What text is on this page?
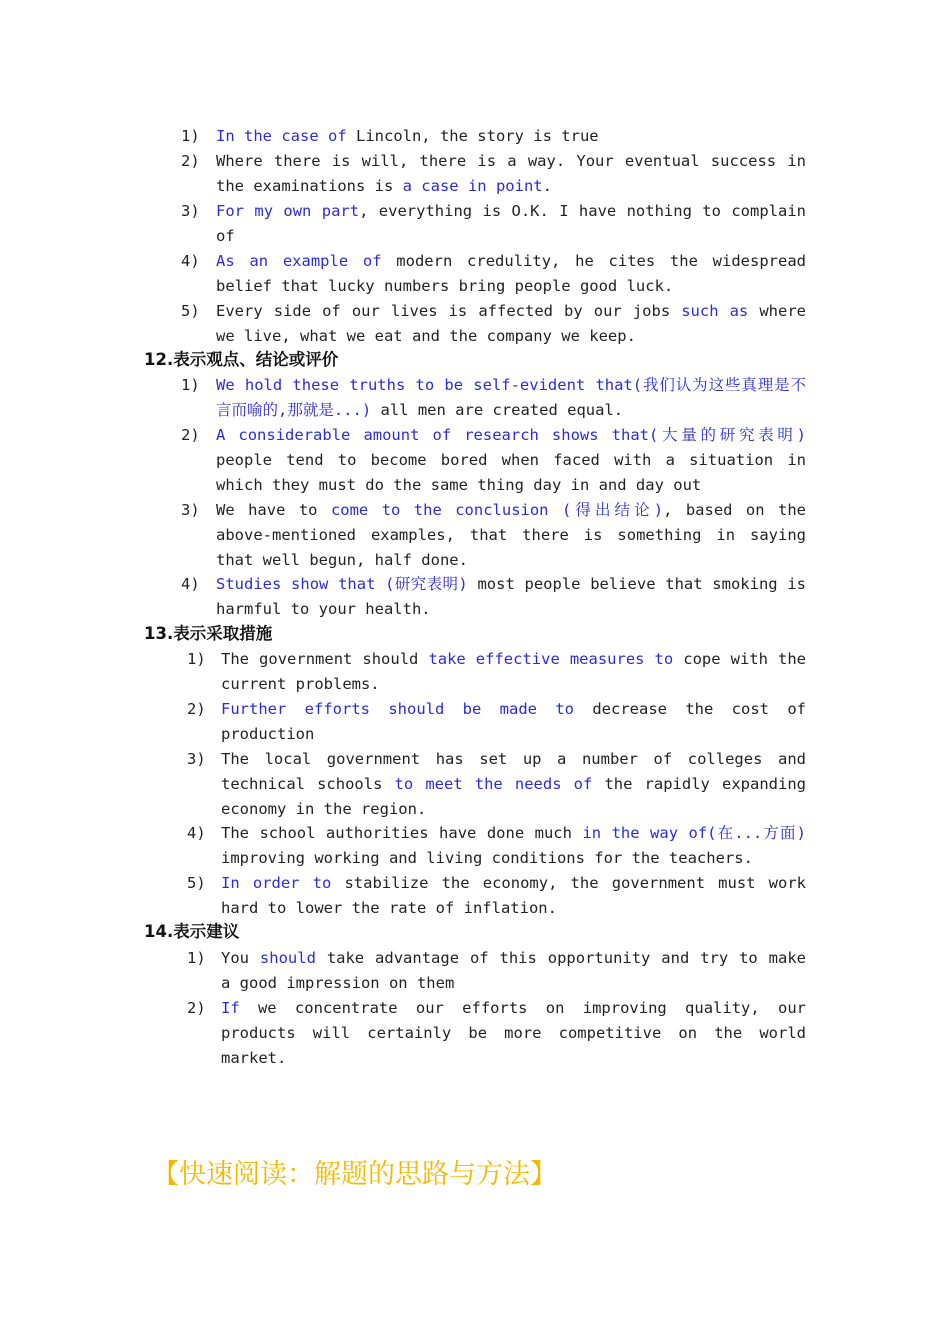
1) In the case of Lincoln, the story is true
2) Where there is will, there is a way. Your eventual success in the examinations is a case in point.
3) For my own part, everything is O.K. I have nothing to complain of
4) As an example of modern credulity, he cites the widespread belief that lucky numbers bring people good luck.
5) Every side of our lives is affected by our jobs such as where we live, what we eat and the company we keep.
12.表示观点、结论或评价
1) We hold these truths to be self-evident that(我们认为这些真理是不言而喻的,那就是...) all men are created equal.
2) A considerable amount of research shows that(大量的研究表明) people tend to become bored when faced with a situation in which they must do the same thing day in and day out
3) We have to come to the conclusion (得出结论), based on the above-mentioned examples, that there is something in saying that well begun, half done.
4) Studies show that (研究表明) most people believe that smoking is harmful to your health.
13.表示采取措施
1) The government should take effective measures to cope with the current problems.
2) Further efforts should be made to decrease the cost of production
3) The local government has set up a number of colleges and technical schools to meet the needs of the rapidly expanding economy in the region.
4) The school authorities have done much in the way of(在...方面) improving working and living conditions for the teachers.
5) In order to stabilize the economy, the government must work hard to lower the rate of inflation.
14.表示建议
1) You should take advantage of this opportunity and try to make a good impression on them
2) If we concentrate our efforts on improving quality, our products will certainly be more competitive on the world market.
【快速阅读：解题的思路与方法】
